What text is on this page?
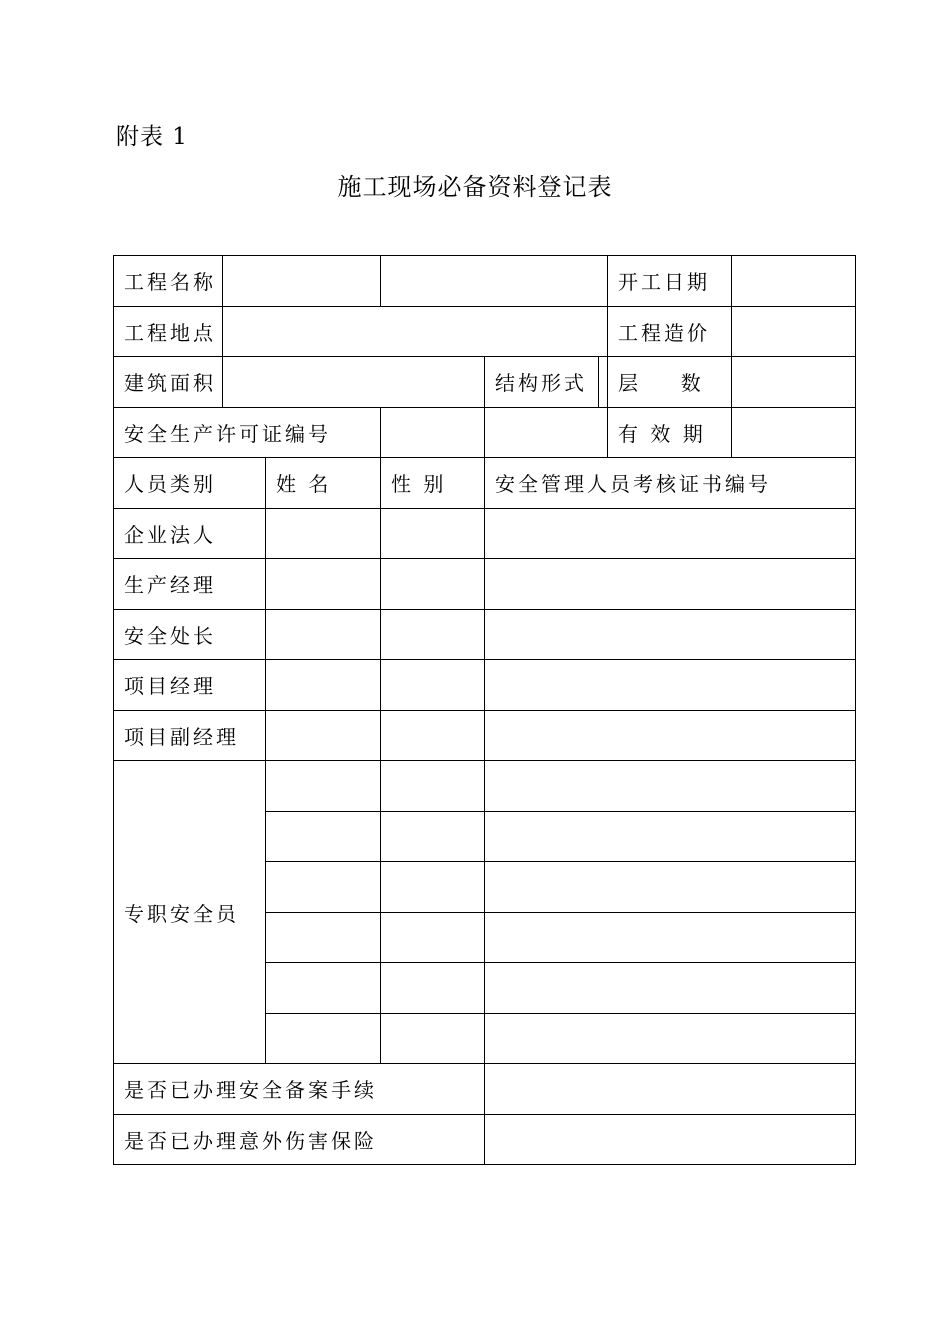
附表 1
施工现场必备资料登记表
工程名称				开工日期	

工程地点				工程造价	

建筑面积			结构形式	层  数	

安全生产许可证编号				有 效 期	
人员类别	姓 名	性 别	安全管理人员考核证书编号		
企业法人					
生产经理					
安全处长					
项目经理					
项目副经理					
专职安全员					

是否已办理安全备案手续					
是否已办理意外伤害保险					
